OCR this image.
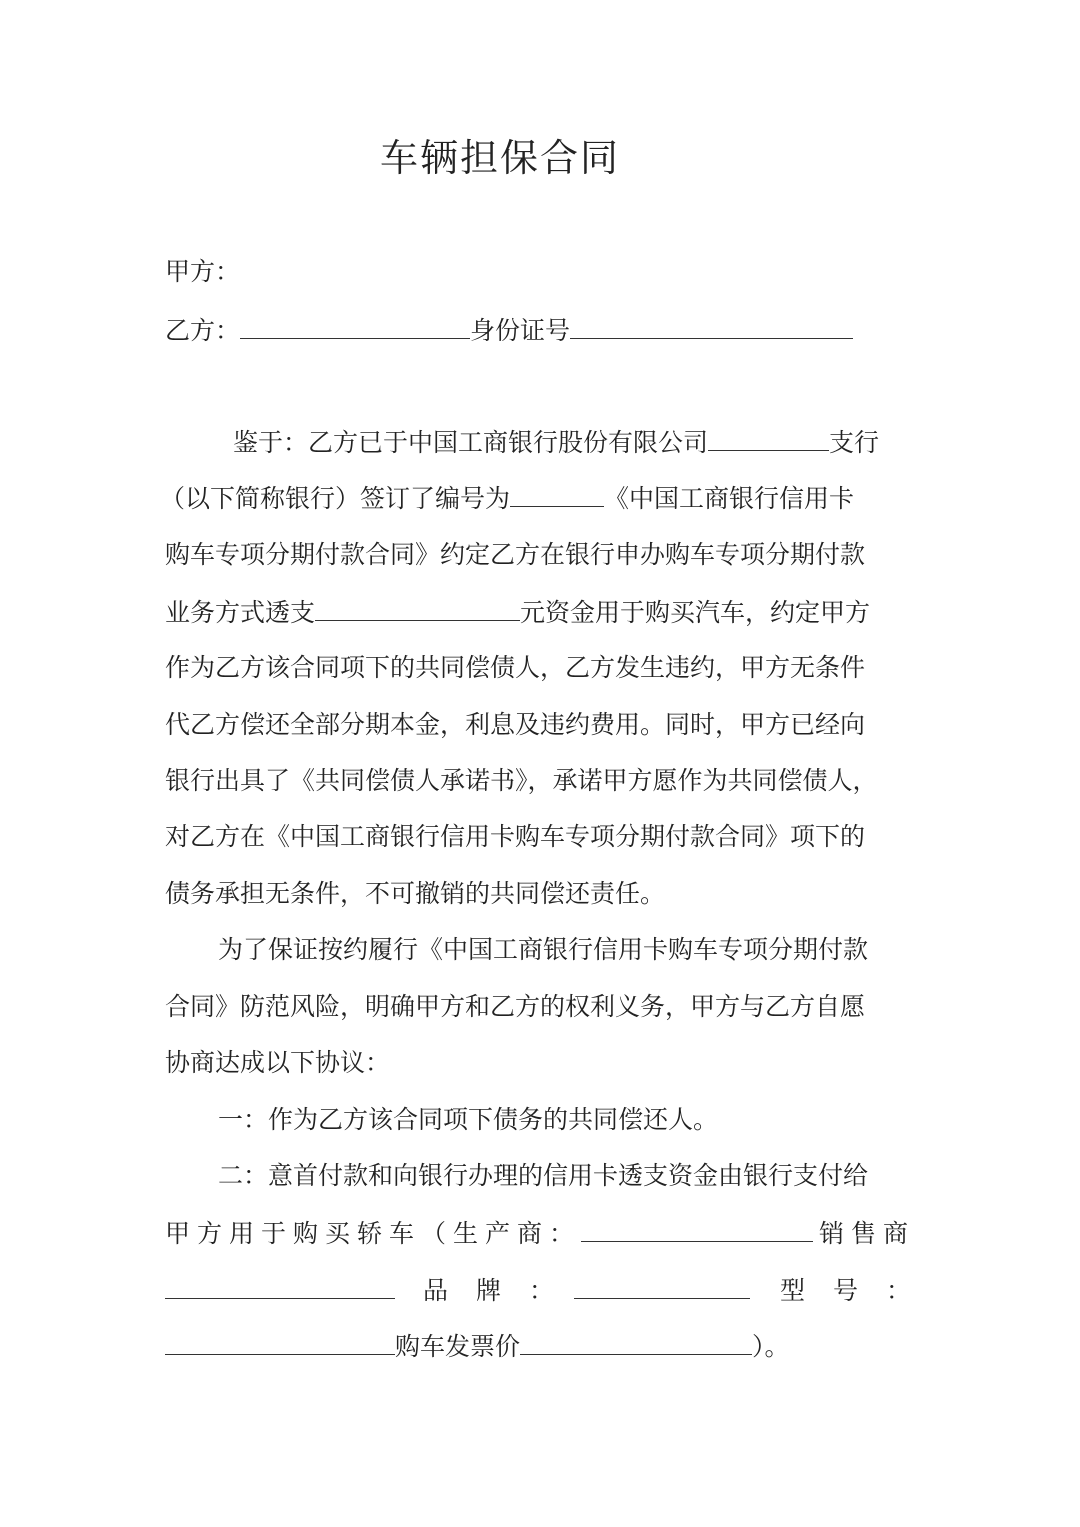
车辆担保合同
甲方：
乙方：	身份证号
鉴于：乙方已于中国工商银行股份有限公司	支行
（以下简称银行）签订了编号为	《中国工商银行信用卡
购车专项分期付款合同》约定乙方在银行申办购车专项分期付款
业务方式透支	元资金用于购买汽车，约定甲方
作为乙方该合同项下的共同偿债人，乙方发生违约，甲方无条件
代乙方偿还全部分期本金，利息及违约费用。同时，甲方已经向
银行出具了《共同偿债人承诺书》，承诺甲方愿作为共同偿债人，
对乙方在《中国工商银行信用卡购车专项分期付款合同》项下的
债务承担无条件，不可撤销的共同偿还责任。
为了保证按约履行《中国工商银行信用卡购车专项分期付款
合同》防范风险，明确甲方和乙方的权利义务，甲方与乙方自愿
协商达成以下协议：
一：作为乙方该合同项下债务的共同偿还人。
二：意首付款和向银行办理的信用卡透支资金由银行支付给
甲方用于购买轿车（生产商：	销售商
品牌：	型号：
购车发票价	）。
